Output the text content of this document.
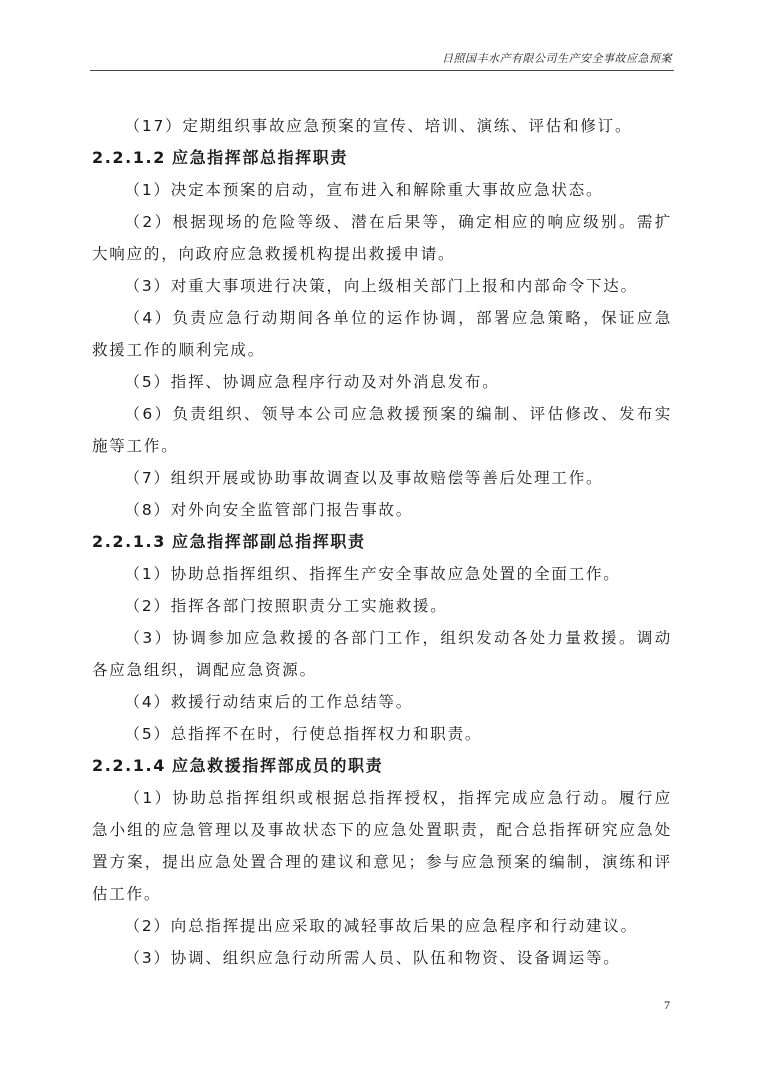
日照国丰水产有限公司生产安全事故应急预案

（17）定期组织事故应急预案的宣传、培训、演练、评估和修订。

2.2.1.2 应急指挥部总指挥职责

（1）决定本预案的启动，宣布进入和解除重大事故应急状态。

（2）根据现场的危险等级、潜在后果等，确定相应的响应级别。需扩大响应的，向政府应急救援机构提出救援申请。

（3）对重大事项进行决策，向上级相关部门上报和内部命令下达。

（4）负责应急行动期间各单位的运作协调，部署应急策略，保证应急救援工作的顺利完成。

（5）指挥、协调应急程序行动及对外消息发布。

（6）负责组织、领导本公司应急救援预案的编制、评估修改、发布实施等工作。

（7）组织开展或协助事故调查以及事故赔偿等善后处理工作。

（8）对外向安全监管部门报告事故。

2.2.1.3 应急指挥部副总指挥职责

（1）协助总指挥组织、指挥生产安全事故应急处置的全面工作。

（2）指挥各部门按照职责分工实施救援。

（3）协调参加应急救援的各部门工作，组织发动各处力量救援。调动各应急组织，调配应急资源。

（4）救援行动结束后的工作总结等。

（5）总指挥不在时，行使总指挥权力和职责。

2.2.1.4 应急救援指挥部成员的职责

（1）协助总指挥组织或根据总指挥授权，指挥完成应急行动。履行应急小组的应急管理以及事故状态下的应急处置职责，配合总指挥研究应急处置方案，提出应急处置合理的建议和意见；参与应急预案的编制，演练和评估工作。

（2）向总指挥提出应采取的减轻事故后果的应急程序和行动建议。

（3）协调、组织应急行动所需人员、队伍和物资、设备调运等。

7
